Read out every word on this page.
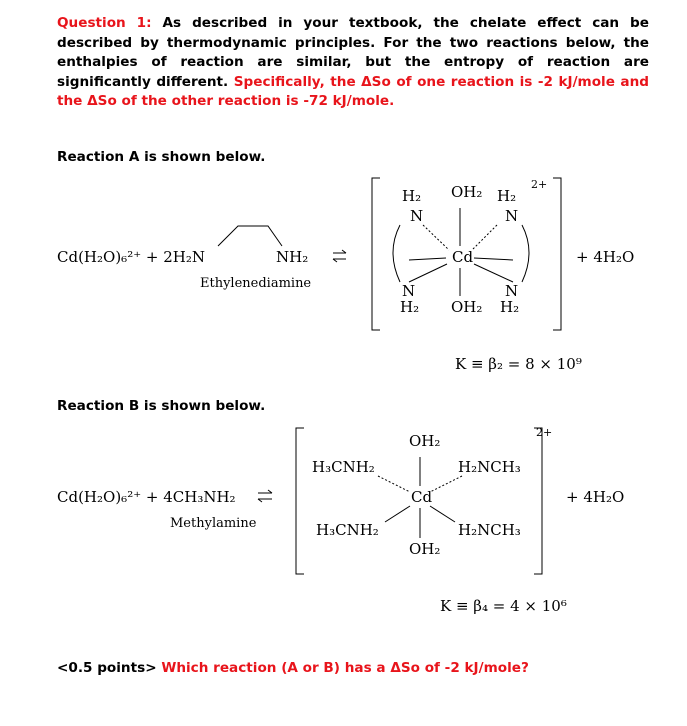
Question 1: As described in your textbook, the chelate effect can be described by thermodynamic principles. For the two reactions below, the enthalpies of reaction are similar, but the entropy of reaction are significantly different. Specifically, the ΔSo of one reaction is -2 kJ/mole and the ΔSo of the other reaction is -72 kJ/mole.
Reaction A is shown below.
Cd(H₂O)₆²⁺ + 2H₂N	NH₂
Ethylenediamine
2+
H₂
N
OH₂ H₂
N
Cd
N
H₂ OH₂
N
H₂
+ 4H₂O
K ≡ β₂ = 8 × 10⁹
Reaction B is shown below.
Cd(H₂O)₆²⁺ + 4CH₃NH₂
Methylamine
2+
OH₂
H₃CNH₂	H₂NCH₃
Cd
H₃CNH₂	H₂NCH₃
OH₂
+ 4H₂O
K ≡ β₄ = 4 × 10⁶
<0.5 points> Which reaction (A or B) has a ΔSo of -2 kJ/mole?
